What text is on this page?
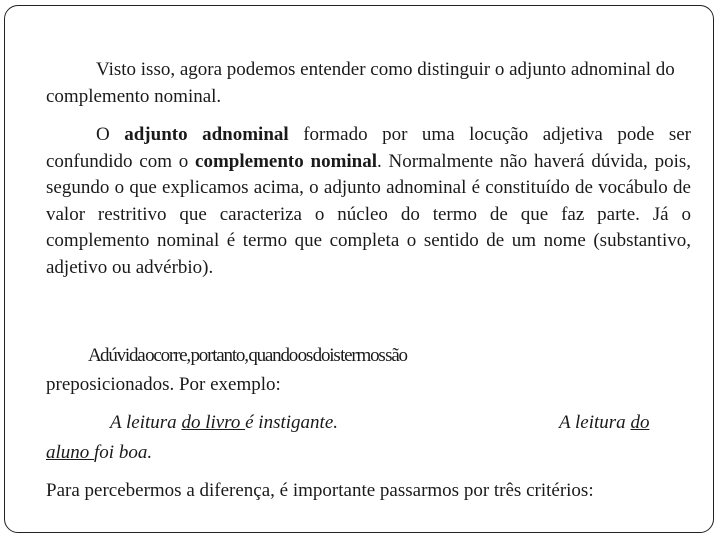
Visto isso, agora podemos entender como distinguir o adjunto adnominal do complemento nominal.
O adjunto adnominal formado por uma locução adjetiva pode ser confundido com o complemento nominal. Normalmente não haverá dúvida, pois, segundo o que explicamos acima, o adjunto adnominal é constituído de vocábulo de valor restritivo que caracteriza o núcleo do termo de que faz parte. Já o complemento nominal é termo que completa o sentido de um nome (substantivo, adjetivo ou advérbio).
A dúvida ocorre, portanto, quando os dois termos são
preposicionados. Por exemplo:
A leitura do livro é instigante.	A leitura do
aluno foi boa.
Para percebermos a diferença, é importante passarmos por três critérios:
